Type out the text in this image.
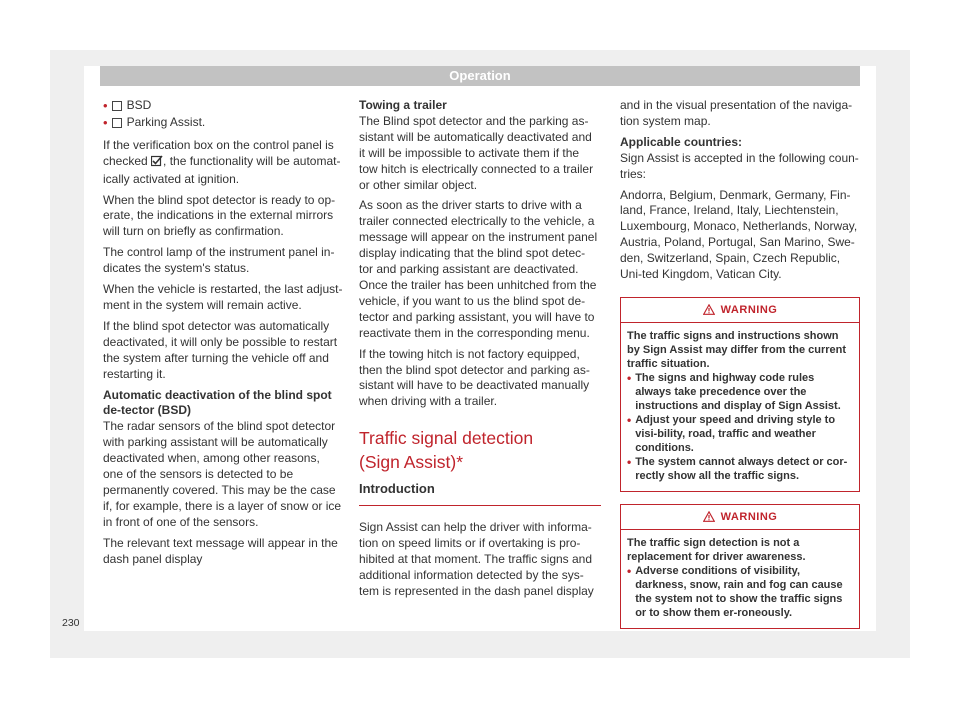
Operation
• BSD
• Parking Assist.

If the verification box on the control panel is checked , the functionality will be automat-ically activated at ignition.

When the blind spot detector is ready to op-erate, the indications in the external mirrors will turn on briefly as confirmation.

The control lamp of the instrument panel in-dicates the system's status.

When the vehicle is restarted, the last adjust-ment in the system will remain active.

If the blind spot detector was automatically deactivated, it will only be possible to restart the system after turning the vehicle off and restarting it.

Automatic deactivation of the blind spot de-tector (BSD)

The radar sensors of the blind spot detector with parking assistant will be automatically deactivated when, among other reasons, one of the sensors is detected to be permanently covered. This may be the case if, for example, there is a layer of snow or ice in front of one of the sensors.

The relevant text message will appear in the dash panel display

Towing a trailer

The Blind spot detector and the parking as-sistant will be automatically deactivated and it will be impossible to activate them if the tow hitch is electrically connected to a trailer or other similar object.

As soon as the driver starts to drive with a trailer connected electrically to the vehicle, a message will appear on the instrument panel display indicating that the blind spot detec-tor and parking assistant are deactivated. Once the trailer has been unhitched from the vehicle, if you want to us the blind spot de-tector and parking assistant, you will have to reactivate them in the corresponding menu.

If the towing hitch is not factory equipped, then the blind spot detector and parking as-sistant will have to be deactivated manually when driving with a trailer.

Traffic signal detection
(Sign Assist)*
Introduction

Sign Assist can help the driver with informa-tion on speed limits or if overtaking is pro-hibited at that moment. The traffic signs and additional information detected by the sys-tem is represented in the dash panel display

and in the visual presentation of the naviga-tion system map.

Applicable countries:

Sign Assist is accepted in the following coun-tries:

Andorra, Belgium, Denmark, Germany, Fin-land, France, Ireland, Italy, Liechtenstein, Luxembourg, Monaco, Netherlands, Norway, Austria, Poland, Portugal, San Marino, Swe-den, Switzerland, Spain, Czech Republic, Uni-ted Kingdom, Vatican City.

WARNING

The traffic signs and instructions shown by Sign Assist may differ from the current traffic situation.

• The signs and highway code rules always take precedence over the instructions and display of Sign Assist.
• Adjust your speed and driving style to visi-bility, road, traffic and weather conditions.
• The system cannot always detect or cor-rectly show all the traffic signs.
WARNING

The traffic sign detection is not a replacement for driver awareness.

• Adverse conditions of visibility, darkness, snow, rain and fog can cause the system not to show the traffic signs or to show them er-roneously.
230
